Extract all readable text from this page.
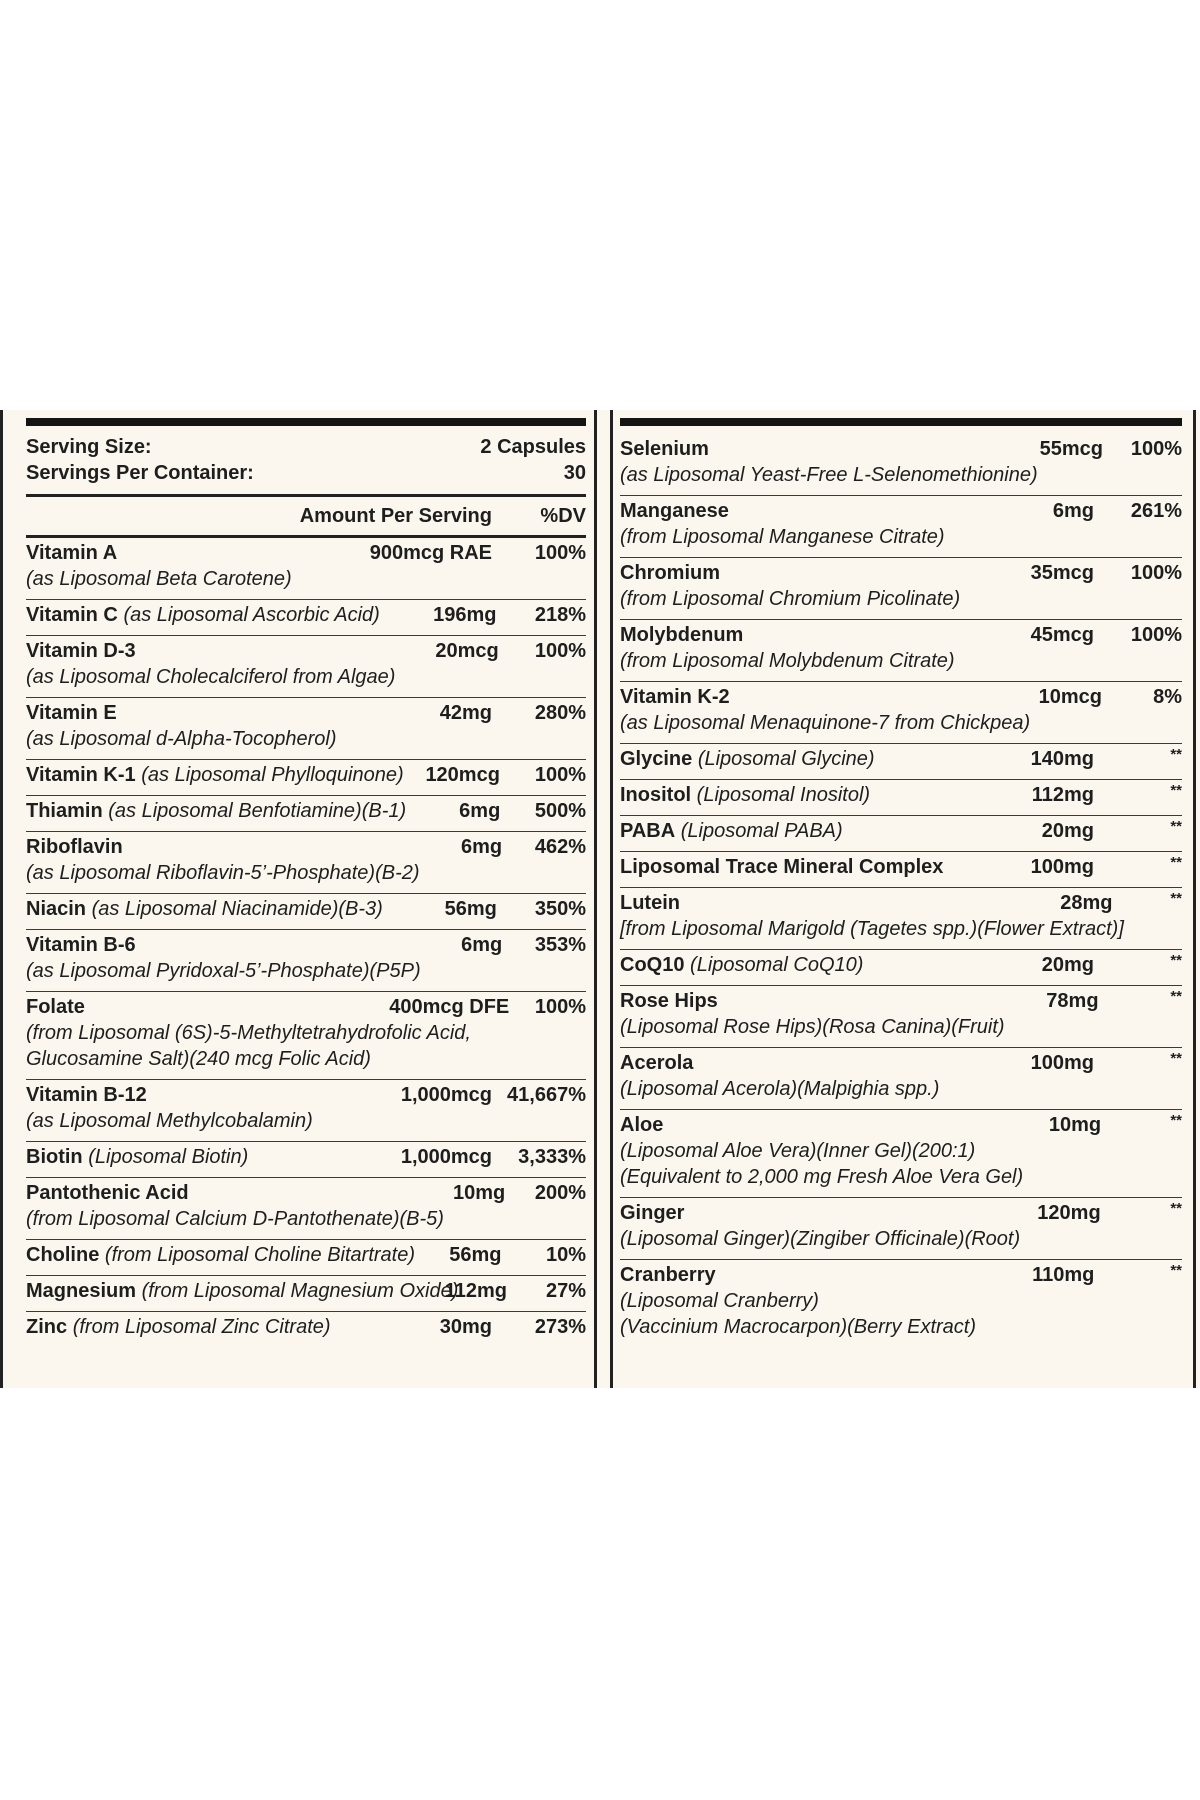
Serving Size:	2 Capsules
Servings Per Container:	30
Amount Per Serving	%DV
Vitamin A
(as Liposomal Beta Carotene)
900mcg RAE	100%
Vitamin C (as Liposomal Ascorbic Acid)	196mg	218%
Vitamin D-3
(as Liposomal Cholecalciferol from Algae)
20mcg	100%
Vitamin E
(as Liposomal d-Alpha-Tocopherol)
42mg	280%
Vitamin K-1 (as Liposomal Phylloquinone)	120mcg	100%
Thiamin (as Liposomal Benfotiamine)(B-1)	6mg	500%
Riboflavin
(as Liposomal Riboflavin-5’-Phosphate)(B-2)
6mg	462%
Niacin (as Liposomal Niacinamide)(B-3)	56mg	350%
Vitamin B-6
(as Liposomal Pyridoxal-5’-Phosphate)(P5P)
6mg	353%
Folate
(from Liposomal (6S)-5-Methyltetrahydrofolic Acid,
Glucosamine Salt)(240 mcg Folic Acid)
400mcg DFE	100%
Vitamin B-12
(as Liposomal Methylcobalamin)
1,000mcg 41,667%
Biotin (Liposomal Biotin)	1,000mcg	3,333%
Pantothenic Acid
(from Liposomal Calcium D-Pantothenate)(B-5)
10mg	200%
Choline (from Liposomal Choline Bitartrate)	56mg	10%
Magnesium (from Liposomal Magnesium Oxide)
112mg	27%
Zinc (from Liposomal Zinc Citrate)	30mg	273%
Selenium
(as Liposomal Yeast-Free L-Selenomethionine)
55mcg	100%
Manganese
(from Liposomal Manganese Citrate)
6mg	261%
Chromium
(from Liposomal Chromium Picolinate)
35mcg	100%
Molybdenum
(from Liposomal Molybdenum Citrate)
45mcg	100%
Vitamin K-2
(as Liposomal Menaquinone-7 from Chickpea)
10mcg	8%
Glycine (Liposomal Glycine)	140mg	**
Inositol (Liposomal Inositol)	112mg	**
PABA (Liposomal PABA)	20mg	**
Liposomal Trace Mineral Complex	100mg	**
Lutein
[from Liposomal Marigold (Tagetes spp.)(Flower Extract)]
28mg	**
CoQ10 (Liposomal CoQ10)	20mg	**
Rose Hips
(Liposomal Rose Hips)(Rosa Canina)(Fruit)
78mg	**
Acerola
(Liposomal Acerola)(Malpighia spp.)
100mg	**
Aloe
(Liposomal Aloe Vera)(Inner Gel)(200:1)
(Equivalent to 2,000 mg Fresh Aloe Vera Gel)
10mg	**
Ginger
(Liposomal Ginger)(Zingiber Officinale)(Root)
120mg	**
Cranberry
(Liposomal Cranberry)
(Vaccinium Macrocarpon)(Berry Extract)
110mg	**
